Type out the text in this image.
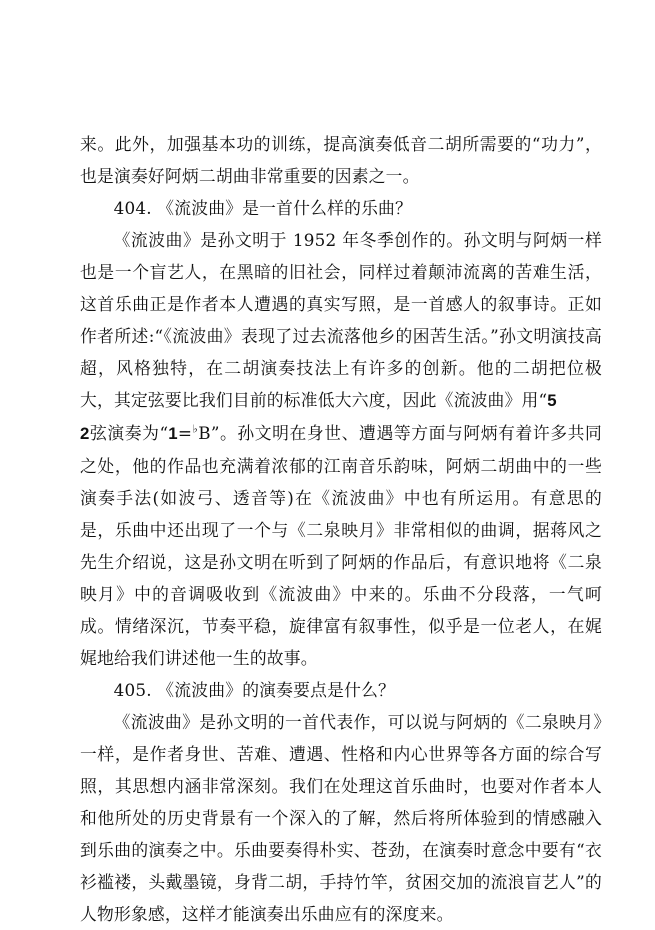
来。此外，加强基本功的训练，提高演奏低音二胡所需要的“功力”，也是演奏好阿炳二胡曲非常重要的因素之一。

404. 《流波曲》是一首什么样的乐曲？

《流波曲》是孙文明于 1952 年冬季创作的。孙文明与阿炳一样也是一个盲艺人，在黑暗的旧社会，同样过着颠沛流离的苦难生活，这首乐曲正是作者本人遭遇的真实写照，是一首感人的叙事诗。正如作者所述:“《流波曲》表现了过去流落他乡的困苦生活。”孙文明演技高超，风格独特，在二胡演奏技法上有许多的创新。他的二胡把位极大，其定弦要比我们目前的标准低大六度，因此《流波曲》用“5
2弦演奏为“1=♭B”。孙文明在身世、遭遇等方面与阿炳有着许多共同之处，他的作品也充满着浓郁的江南音乐韵味，阿炳二胡曲中的一些演奏手法(如波弓、透音等)在《流波曲》中也有所运用。有意思的是，乐曲中还出现了一个与《二泉映月》非常相似的曲调，据蒋风之先生介绍说，这是孙文明在听到了阿炳的作品后，有意识地将《二泉映月》中的音调吸收到《流波曲》中来的。乐曲不分段落，一气呵成。情绪深沉，节奏平稳，旋律富有叙事性，似乎是一位老人，在娓娓地给我们讲述他一生的故事。

405. 《流波曲》的演奏要点是什么？

《流波曲》是孙文明的一首代表作，可以说与阿炳的《二泉映月》一样，是作者身世、苦难、遭遇、性格和内心世界等各方面的综合写照，其思想内涵非常深刻。我们在处理这首乐曲时，也要对作者本人和他所处的历史背景有一个深入的了解，然后将所体验到的情感融入到乐曲的演奏之中。乐曲要奏得朴实、苍劲，在演奏时意念中要有“衣衫褴褛，头戴墨镜，身背二胡，手持竹竿，贫困交加的流浪盲艺人”的人物形象感，这样才能演奏出乐曲应有的深度来。
